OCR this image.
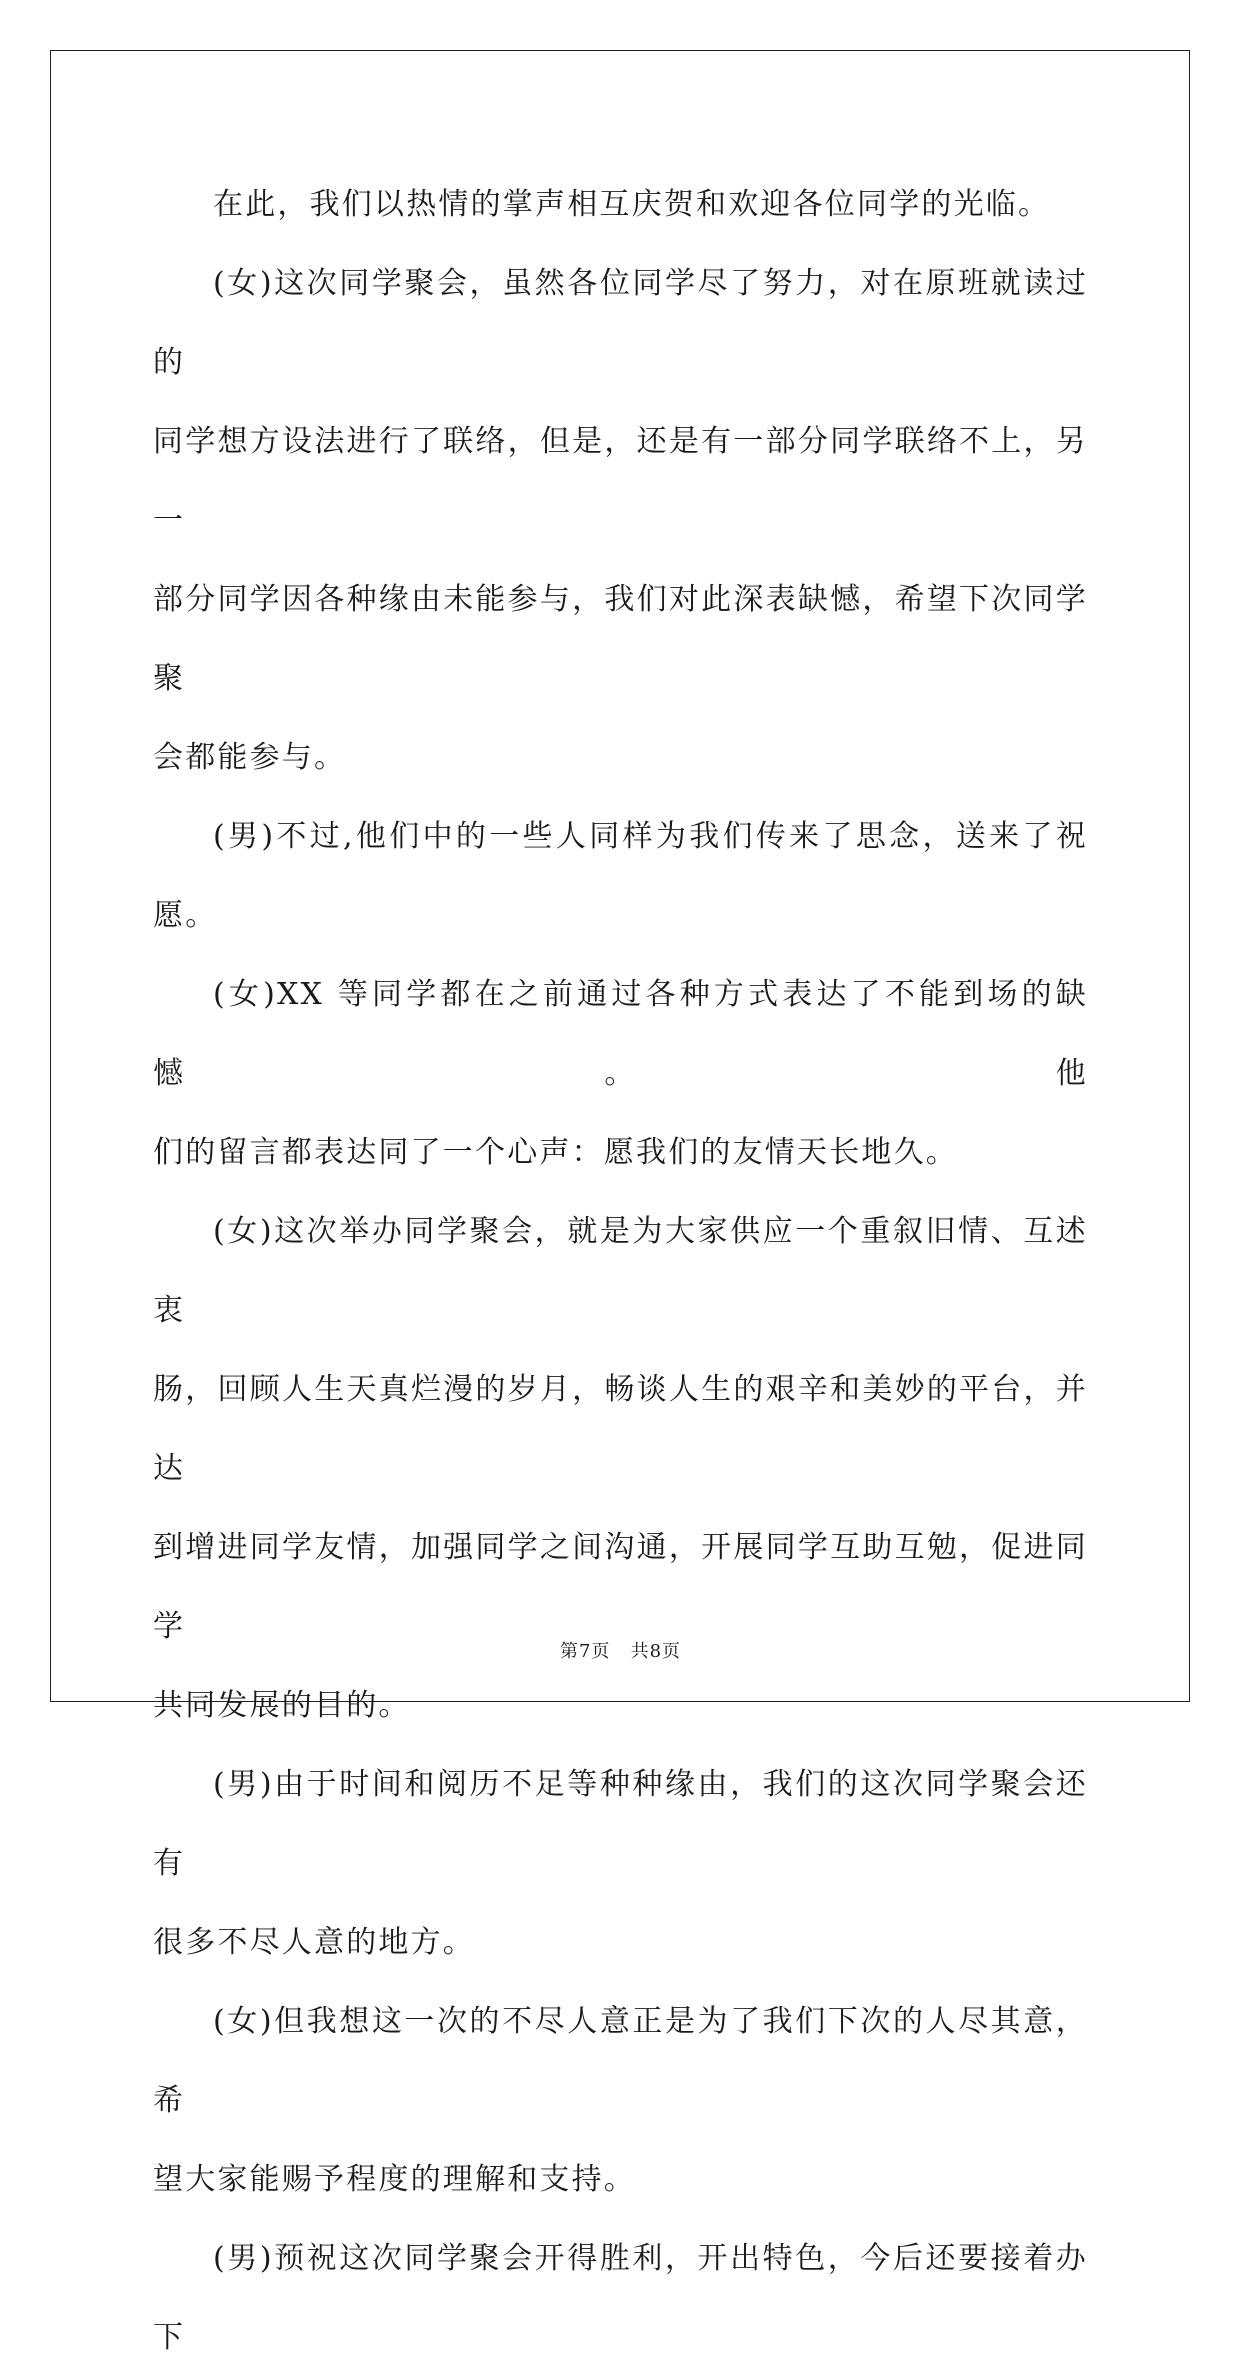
在此，我们以热情的掌声相互庆贺和欢迎各位同学的光临。
(女)这次同学聚会，虽然各位同学尽了努力，对在原班就读过的
同学想方设法进行了联络，但是，还是有一部分同学联络不上，另一
部分同学因各种缘由未能参与，我们对此深表缺憾，希望下次同学聚
会都能参与。
(男)不过,他们中的一些人同样为我们传来了思念，送来了祝愿。
(女)XX 等同学都在之前通过各种方式表达了不能到场的缺憾。他
们的留言都表达同了一个心声：愿我们的友情天长地久。
(女)这次举办同学聚会，就是为大家供应一个重叙旧情、互述衷
肠，回顾人生天真烂漫的岁月，畅谈人生的艰辛和美妙的平台，并达
到增进同学友情，加强同学之间沟通，开展同学互助互勉，促进同学
共同发展的目的。
(男)由于时间和阅历不足等种种缘由，我们的这次同学聚会还有
很多不尽人意的地方。
(女)但我想这一次的不尽人意正是为了我们下次的人尽其意，希
望大家能赐予程度的理解和支持。
(男)预祝这次同学聚会开得胜利，开出特色，今后还要接着办下
第7页 共8页
